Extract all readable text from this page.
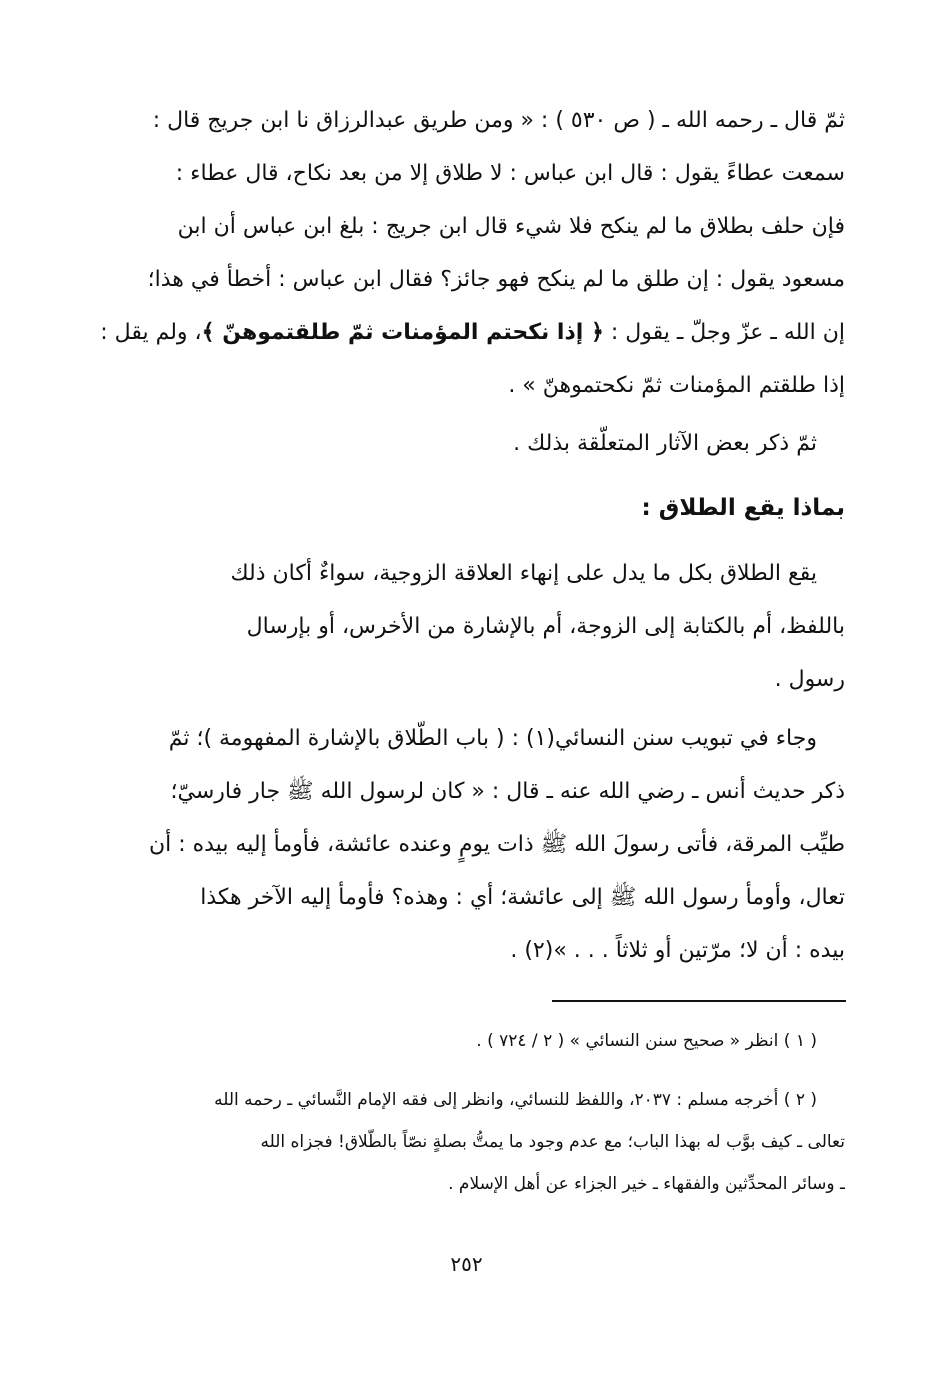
ثمّ قال ـ رحمه الله ـ ( ص ٥٣٠ ) : « ومن طريق عبدالرزاق نا ابن جريج قال :
سمعت عطاءً يقول : قال ابن عباس : لا طلاق إلا من بعد نكاح، قال عطاء :
فإن حلف بطلاق ما لم ينكح فلا شيء قال ابن جريج : بلغ ابن عباس أن ابن
مسعود يقول : إن طلق ما لم ينكح فهو جائز؟ فقال ابن عباس : أخطأ في هذا؛
إن الله ـ عزّ وجلّ ـ يقول : ﴿ إذا نكحتم المؤمنات ثمّ طلقتموهنّ ﴾، ولم يقل :
إذا طلقتم المؤمنات ثمّ نكحتموهنّ » .
ثمّ ذكر بعض الآثار المتعلّقة بذلك .
بماذا يقع الطلاق :
يقع الطلاق بكل ما يدل على إنهاء العلاقة الزوجية، سواءٌ أكان ذلك
باللفظ، أم بالكتابة إلى الزوجة، أم بالإشارة من الأخرس، أو بإرسال
رسول .
وجاء في تبويب سنن النسائي(١) : ( باب الطّلاق بالإشارة المفهومة )؛ ثمّ
ذكر حديث أنس ـ رضي الله عنه ـ قال : « كان لرسول الله ﷺ جار فارسيّ؛
طيِّب المرقة، فأتى رسولَ الله ﷺ ذات يومٍ وعنده عائشة، فأومأ إليه بيده : أن
تعال، وأومأ رسول الله ﷺ إلى عائشة؛ أي : وهذه؟ فأومأ إليه الآخر هكذا
بيده : أن لا؛ مرّتين أو ثلاثاً . . . »(٢) .
( ١ ) انظر « صحيح سنن النسائي » ( ٢ / ٧٢٤ ) .
( ٢ ) أخرجه مسلم : ٢٠٣٧، واللفظ للنسائي، وانظر إلى فقه الإمام النَّسائي ـ رحمه الله
تعالى ـ كيف بوَّب له بهذا الباب؛ مع عدم وجود ما يمتُّ بصلةٍ نصّاً بالطّلاق! فجزاه الله
ـ وسائر المحدِّثين والفقهاء ـ خير الجزاء عن أهل الإسلام .
٢٥٢
